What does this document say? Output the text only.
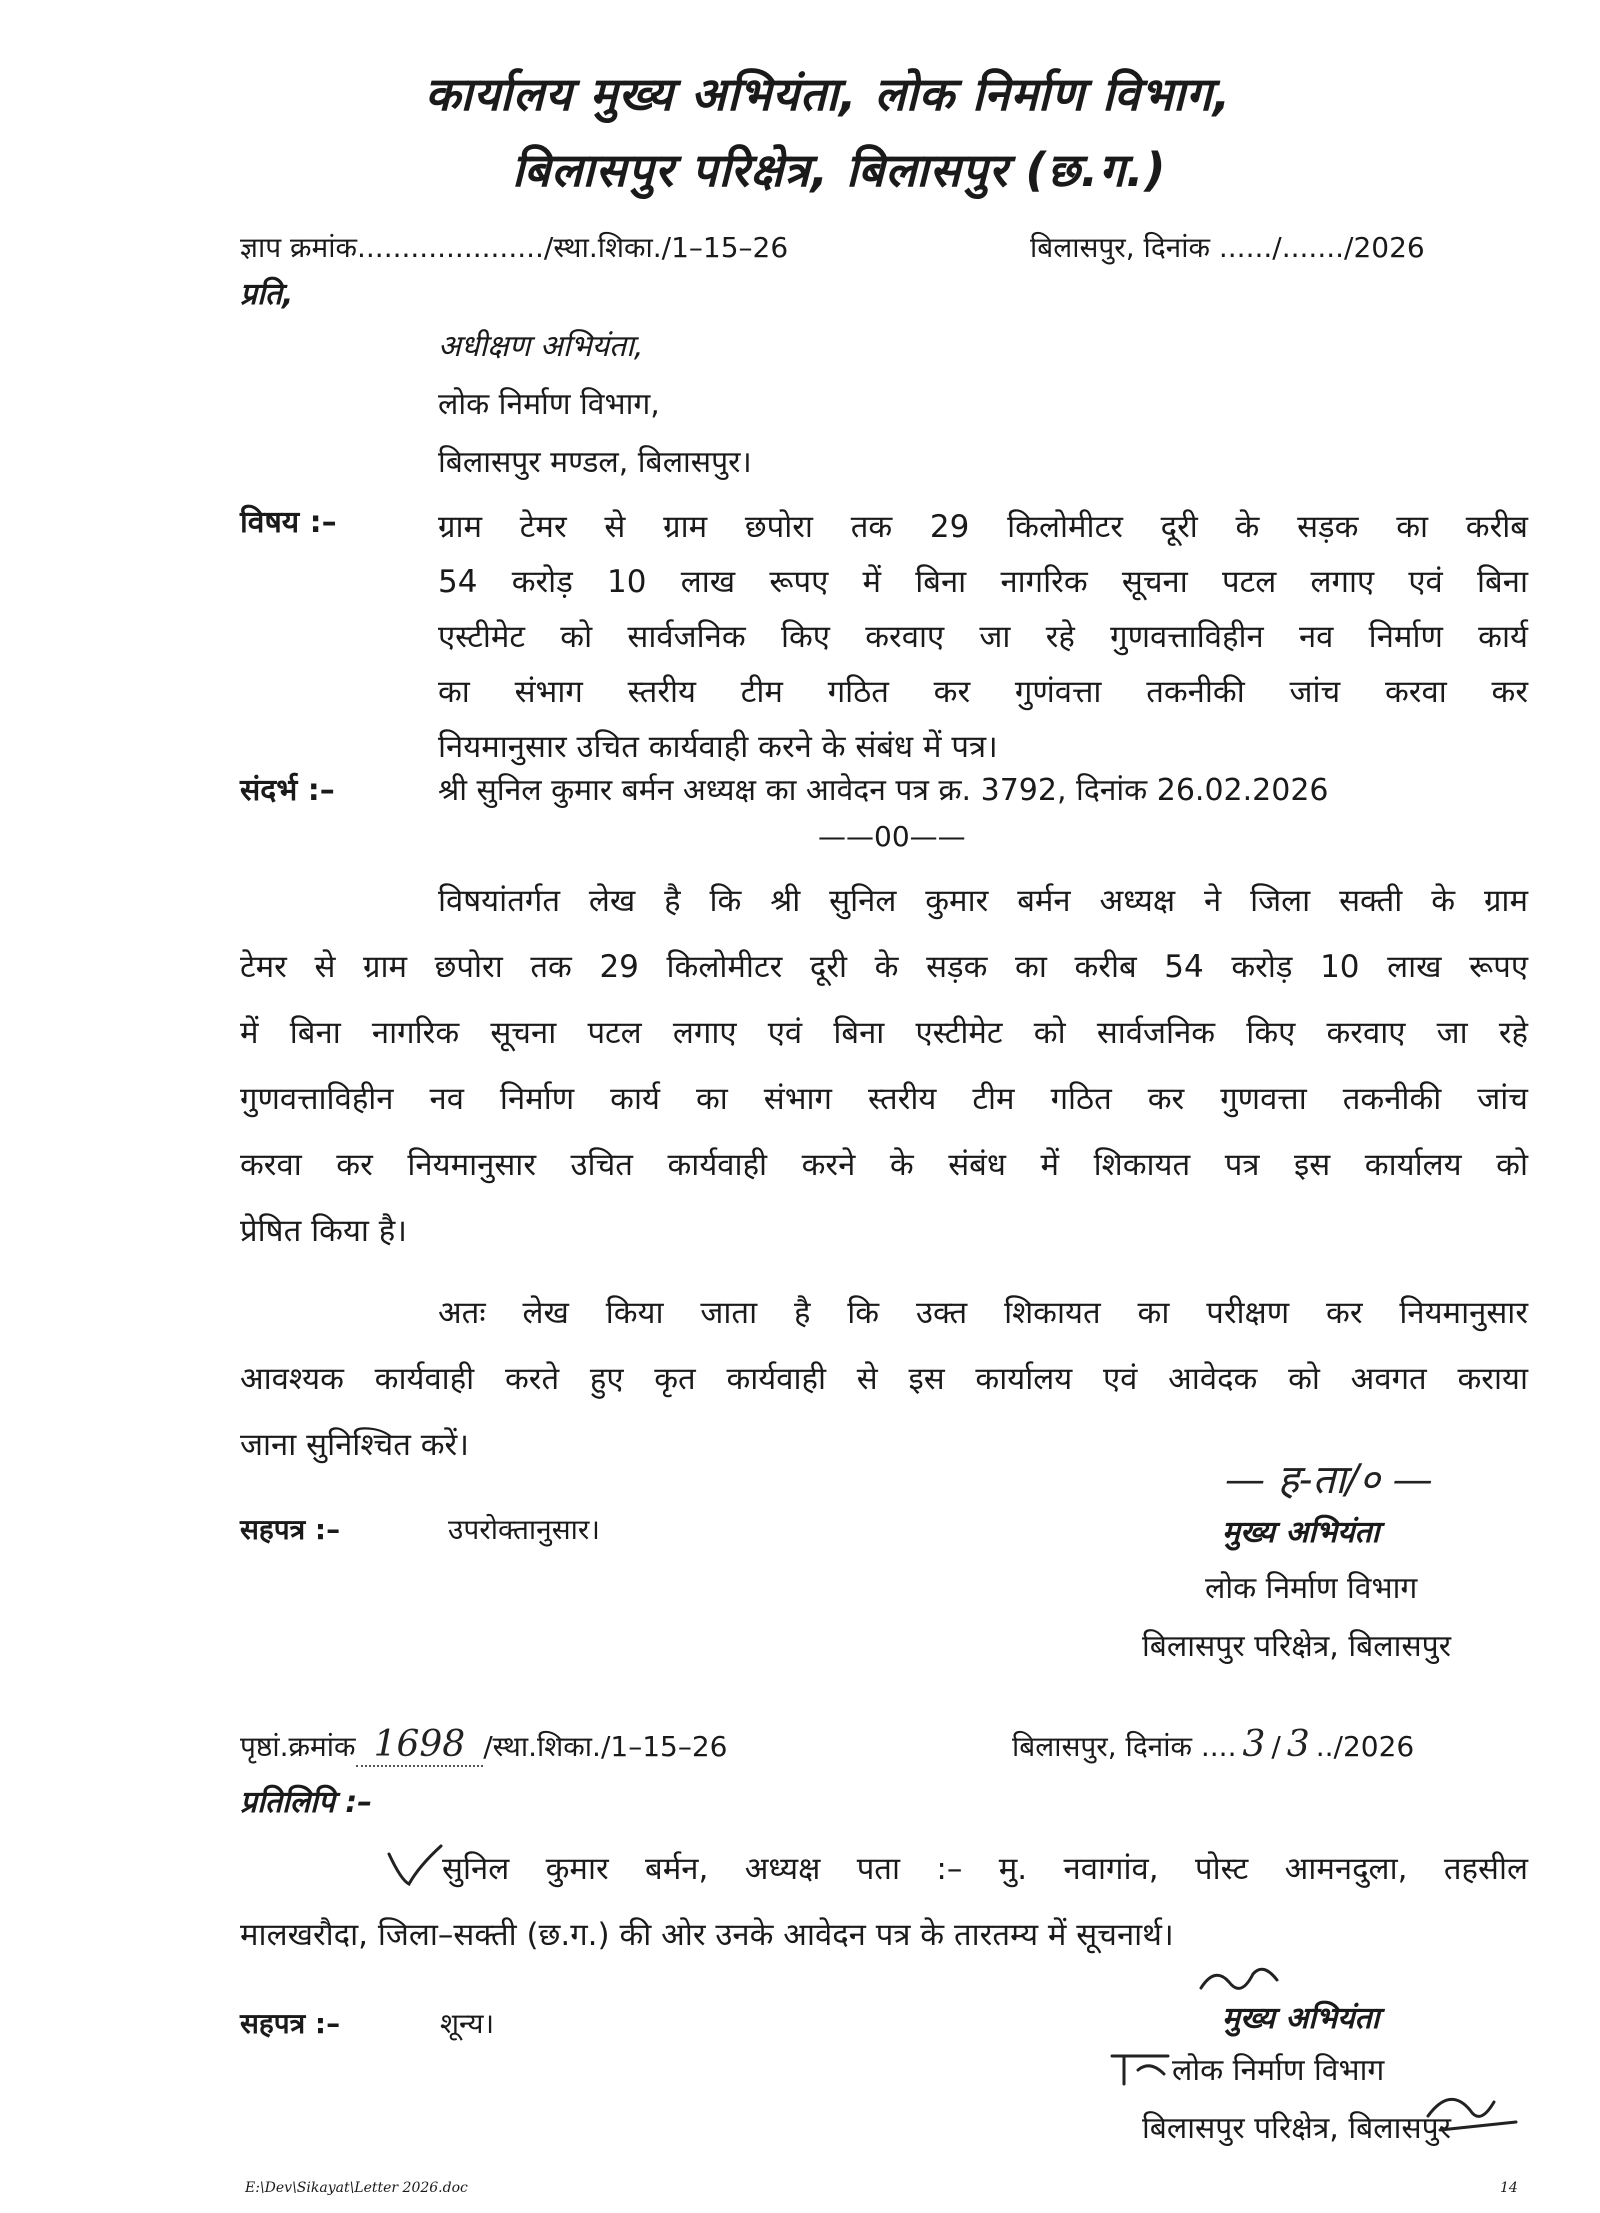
कार्यालय मुख्य अभियंता, लोक निर्माण विभाग,
बिलासपुर परिक्षेत्र, बिलासपुर (छ.ग.)
ज्ञाप क्रमांक...................../स्था.शिका./1–15–26	बिलासपुर, दिनांक ....../......./2026
प्रति,
अधीक्षण अभियंता,
लोक निर्माण विभाग,
बिलासपुर मण्डल, बिलासपुर।
विषय :–	ग्राम टेमर से ग्राम छपोरा तक 29 किलोमीटर दूरी के सड़क का करीब
54 करोड़ 10 लाख रूपए में बिना नागरिक सूचना पटल लगाए एवं बिना
एस्टीमेट को सार्वजनिक किए करवाए जा रहे गुणवत्ताविहीन नव निर्माण कार्य
का संभाग स्तरीय टीम गठित कर गुणंवत्ता तकनीकी जांच करवा कर
नियमानुसार उचित कार्यवाही करने के संबंध में पत्र।
संदर्भ :–	श्री सुनिल कुमार बर्मन अध्यक्ष का आवेदन पत्र क्र. 3792, दिनांक 26.02.2026
——00——
विषयांतर्गत लेख है कि श्री सुनिल कुमार बर्मन अध्यक्ष ने जिला सक्ती के ग्राम
टेमर से ग्राम छपोरा तक 29 किलोमीटर दूरी के सड़क का करीब 54 करोड़ 10 लाख रूपए
में बिना नागरिक सूचना पटल लगाए एवं बिना एस्टीमेट को सार्वजनिक किए करवाए जा रहे
गुणवत्ताविहीन नव निर्माण कार्य का संभाग स्तरीय टीम गठित कर गुणवत्ता तकनीकी जांच
करवा कर नियमानुसार उचित कार्यवाही करने के संबंध में शिकायत पत्र इस कार्यालय को
प्रेषित किया है।
अतः लेख किया जाता है कि उक्त शिकायत का परीक्षण कर नियमानुसार
आवश्यक कार्यवाही करते हुए कृत कार्यवाही से इस कार्यालय एवं आवेदक को अवगत कराया
जाना सुनिश्चित करें।
सहपत्र :–	उपरोक्तानुसार।
— ह-ता/० —
मुख्य अभियंता
लोक निर्माण विभाग
बिलासपुर परिक्षेत्र, बिलासपुर
पृष्ठां.क्रमांक 1698 /स्था.शिका./1–15–26	बिलासपुर, दिनांक .... 3 / 3 ../2026
प्रतिलिपि :–
सुनिल कुमार बर्मन, अध्यक्ष पता :– मु. नवागांव, पोस्ट आमनदुला, तहसील
मालखरौदा, जिला–सक्ती (छ.ग.) की ओर उनके आवेदन पत्र के तारतम्य में सूचनार्थ।
सहपत्र :–	शून्य।	मुख्य अभियंता
लोक निर्माण विभाग
बिलासपुर परिक्षेत्र, बिलासपुर
E:\Dev\Sikayat\Letter 2026.doc	14
